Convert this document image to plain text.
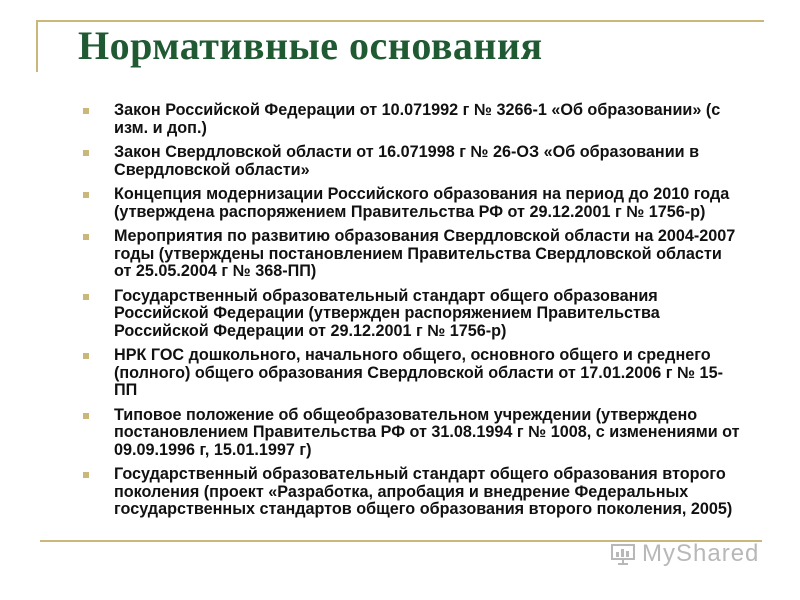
Нормативные основания
Закон Российской Федерации от 10.071992 г № 3266-1 «Об образовании» (с изм. и доп.)
Закон Свердловской области от 16.071998 г № 26-ОЗ «Об образовании в Свердловской области»
Концепция модернизации Российского образования на период до 2010 года (утверждена распоряжением Правительства РФ от 29.12.2001 г № 1756-р)
Мероприятия по развитию образования Свердловской области на 2004-2007 годы (утверждены постановлением Правительства Свердловской области от 25.05.2004 г № 368-ПП)
Государственный образовательный стандарт общего образования Российской Федерации (утвержден распоряжением Правительства Российской Федерации от 29.12.2001 г № 1756-р)
НРК ГОС дошкольного, начального общего, основного общего и среднего (полного) общего образования Свердловской области от 17.01.2006 г № 15-ПП
Типовое положение об общеобразовательном учреждении (утверждено постановлением Правительства РФ от 31.08.1994 г № 1008, с изменениями от 09.09.1996 г, 15.01.1997 г)
Государственный образовательный стандарт общего образования второго поколения (проект «Разработка, апробация и внедрение Федеральных государственных стандартов общего образования второго поколения, 2005)
MyShared
